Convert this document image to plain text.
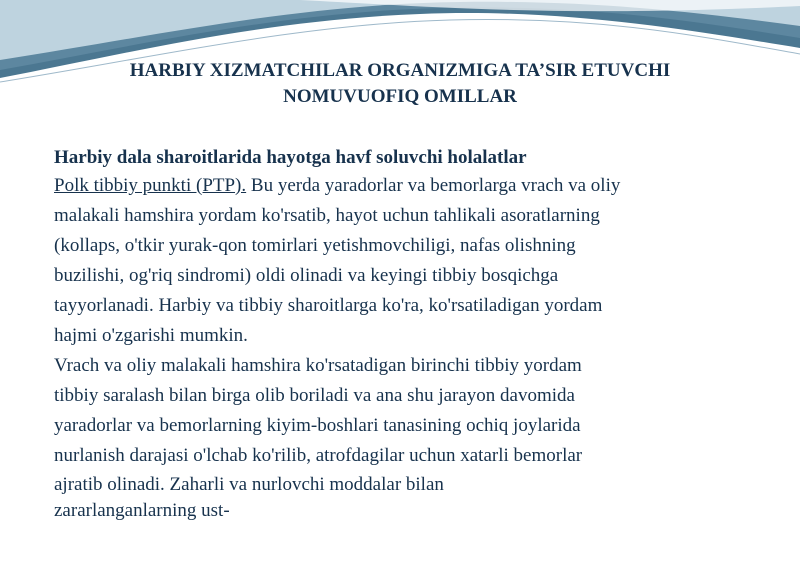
HARBIY XIZMATCHILAR ORGANIZMIGA TA’SIR ETUVCHI
NOMUVUOFIQ OMILLAR
Harbiy dala sharoitlarida hayotga havf soluvchi holalatlar
Polk tibbiy punkti (PTP). Bu yerda yaradorlar va bemorlarga vrach va oliy
malakali hamshira yordam ko'rsatib, hayot uchun tahlikali asoratlarning
(kollaps, o'tkir yurak-qon tomirlari yetishmovchiligi, nafas olishning
buzilishi, og'riq sindromi) oldi olinadi va keyingi tibbiy bosqichga
tayyorlanadi. Harbiy va tibbiy sharoitlarga ko'ra, ko'rsatiladigan yordam
hajmi o'zgarishi mumkin.
Vrach va oliy malakali hamshira ko'rsatadigan birinchi tibbiy yordam
tibbiy saralash bilan birga olib boriladi va ana shu jarayon davomida
yaradorlar va bemorlarning kiyim-boshlari tanasining ochiq joylarida
nurlanish darajasi o'lchab ko'rilib, atrofdagilar uchun xatarli bemorlar
ajratib olinadi. Zaharli va nurlovchi moddalar bilan
zararlanganlarning ust-
